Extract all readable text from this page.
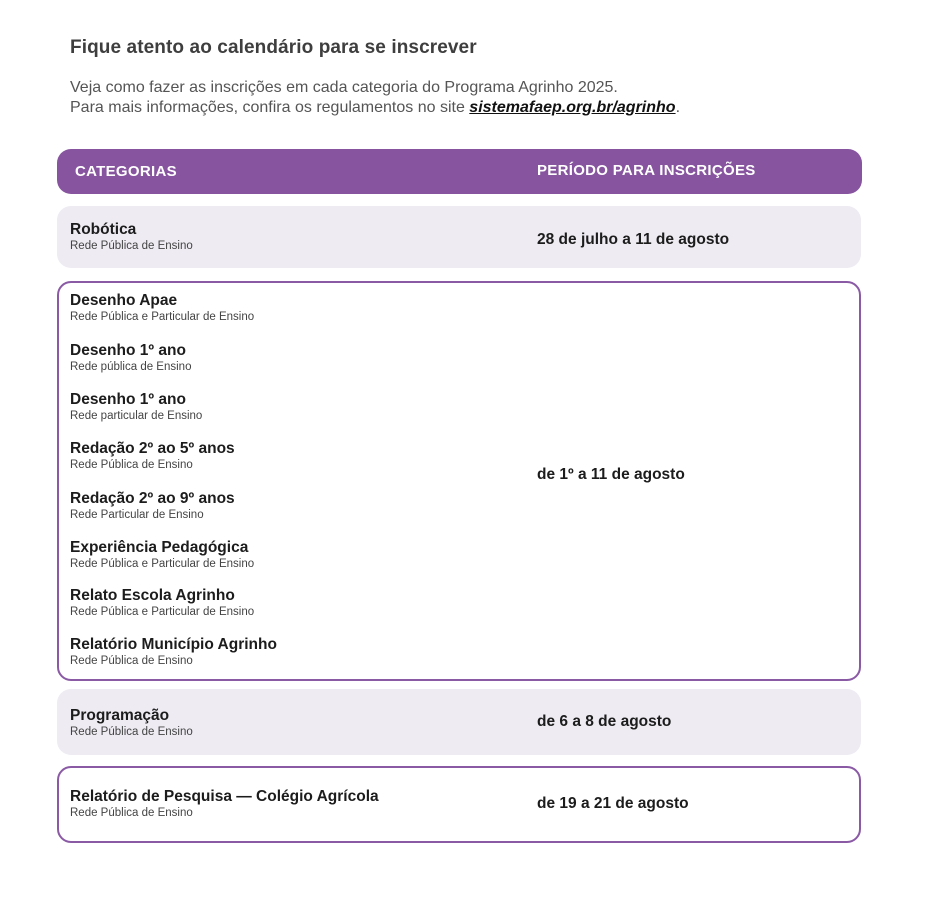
Fique atento ao calendário para se inscrever
Veja como fazer as inscrições em cada categoria do Programa Agrinho 2025.
Para mais informações, confira os regulamentos no site sistemafaep.org.br/agrinho.
CATEGORIAS	PERÍODO PARA INSCRIÇÕES
Robótica
Rede Pública de Ensino	28 de julho a 11 de agosto
Desenho Apae
Rede Pública e Particular de Ensino
Desenho 1º ano
Rede pública de Ensino
Desenho 1º ano
Rede particular de Ensino
Redação 2º ao 5º anos
Rede Pública de Ensino
Redação 2º ao 9º anos
Rede Particular de Ensino
Experiência Pedagógica
Rede Pública e Particular de Ensino
Relato Escola Agrinho
Rede Pública e Particular de Ensino
Relatório Município Agrinho
Rede Pública de Ensino
de 1º a 11 de agosto
Programação
Rede Pública de Ensino
de 6 a 8 de agosto
Relatório de Pesquisa — Colégio Agrícola
Rede Pública de Ensino
de 19 a 21 de agosto
